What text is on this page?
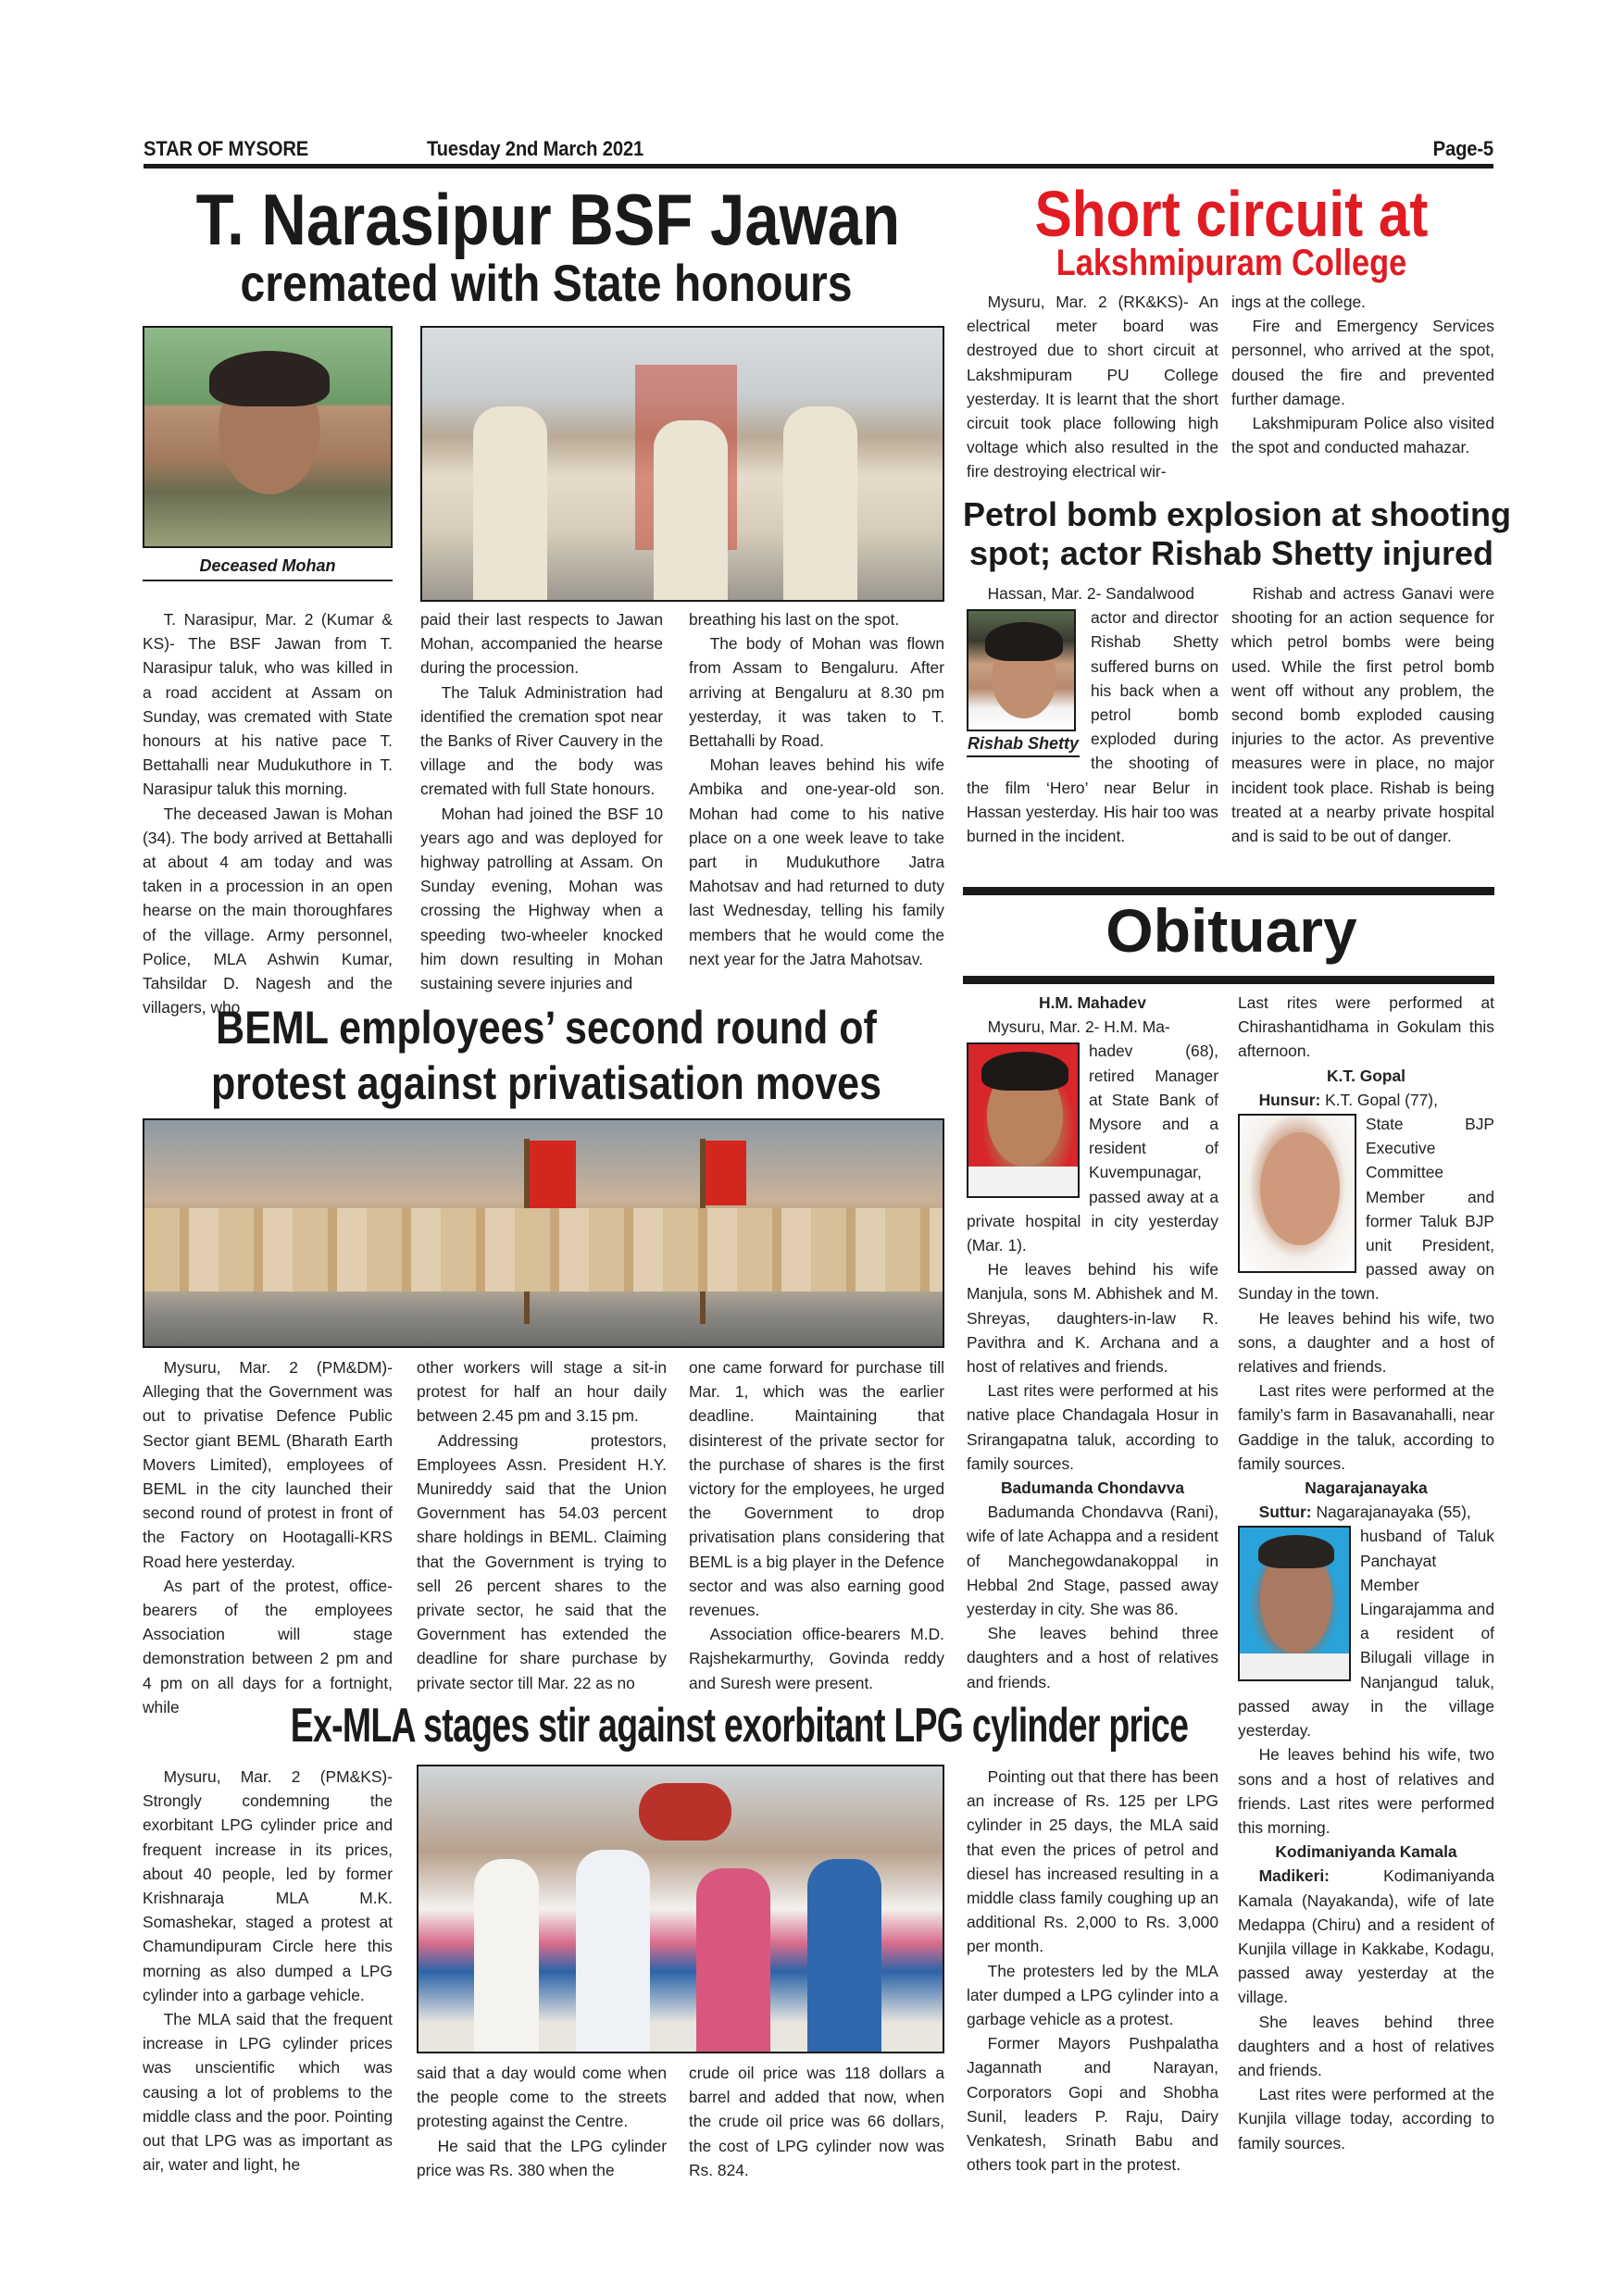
STAR OF MYSORE	Tuesday 2nd March 2021	Page-5
T. Narasipur BSF Jawan
cremated with State honours
Deceased Mohan

T. Narasipur, Mar. 2 (Kumar & KS)- The BSF Jawan from T. Narasipur taluk, who was killed in a road accident at Assam on Sunday, was cremated with State honours at his native pace T. Bettahalli near Mudukuthore in T. Narasipur taluk this morning.

The deceased Jawan is Mohan (34). The body arrived at Bettahalli at about 4 am today and was taken in a procession in an open hearse on the main thoroughfares of the village. Army personnel, Police, MLA Ashwin Kumar, Tahsildar D. Nagesh and the villagers, who

paid their last respects to Jawan Mohan, accompanied the hearse during the procession.

The Taluk Administration had identified the cremation spot near the Banks of River Cauvery in the village and the body was cremated with full State honours.

Mohan had joined the BSF 10 years ago and was deployed for highway patrolling at Assam. On Sunday evening, Mohan was crossing the Highway when a speeding two-wheeler knocked him down resulting in Mohan sustaining severe injuries and

breathing his last on the spot.

The body of Mohan was flown from Assam to Bengaluru. After arriving at Bengaluru at 8.30 pm yesterday, it was taken to T. Bettahalli by Road.

Mohan leaves behind his wife Ambika and one-year-old son. Mohan had come to his native place on a one week leave to take part in Mudukuthore Jatra Mahotsav and had returned to duty last Wednesday, telling his family members that he would come the next year for the Jatra Mahotsav.

Short circuit at
Lakshmipuram College

Mysuru, Mar. 2 (RK&KS)- An electrical meter board was destroyed due to short circuit at Lakshmipuram PU College yesterday. It is learnt that the short circuit took place following high voltage which also resulted in the fire destroying electrical wir-

ings at the college.

Fire and Emergency Services personnel, who arrived at the spot, doused the fire and prevented further damage.

Lakshmipuram Police also visited the spot and conducted mahazar.

Petrol bomb explosion at shooting
spot; actor Rishab Shetty injured

Hassan, Mar. 2- Sandalwood

Rishab Shetty

actor and director Rishab Shetty suffered burns on his back when a petrol bomb exploded during the shooting of the film ‘Hero’ near Belur in Hassan yesterday. His hair too was burned in the incident.

Rishab and actress Ganavi were shooting for an action sequence for which petrol bombs were being used. While the first petrol bomb went off without any problem, the second bomb exploded causing injuries to the actor. As preventive measures were in place, no major incident took place. Rishab is being treated at a nearby private hospital and is said to be out of danger.

Obituary

H.M. Mahadev

Mysuru, Mar. 2- H.M. Ma-

hadev (68), retired Manager at State Bank of Mysore and a resident of Kuvempunagar, passed away at a private hospital in city yesterday (Mar. 1).

He leaves behind his wife Manjula, sons M. Abhishek and M. Shreyas, daughters-in-law R. Pavithra and K. Archana and a host of relatives and friends.

Last rites were performed at his native place Chandagala Hosur in Srirangapatna taluk, according to family sources.

Badumanda Chondavva

Badumanda Chondavva (Rani), wife of late Achappa and a resident of Manchegowdanakoppal in Hebbal 2nd Stage, passed away yesterday in city. She was 86.

She leaves behind three daughters and a host of relatives and friends.

Last rites were performed at Chirashantidhama in Gokulam this afternoon.

K.T. Gopal

Hunsur: K.T. Gopal (77),

State BJP Executive Committee Member and former Taluk BJP unit President, passed away on Sunday in the town.

He leaves behind his wife, two sons, a daughter and a host of relatives and friends.

Last rites were performed at the family’s farm in Basavanahalli, near Gaddige in the taluk, according to family sources.

Nagarajanayaka

Suttur: Nagarajanayaka (55),

husband of Taluk Panchayat Member Lingarajamma and a resident of Bilugali village in Nanjangud taluk, passed away in the village yesterday.

He leaves behind his wife, two sons and a host of relatives and friends. Last rites were performed this morning.

Kodimaniyanda Kamala

Madikeri:	Kodimaniyanda Kamala (Nayakanda), wife of late Medappa (Chiru) and a resident of Kunjila village in Kakkabe, Kodagu, passed away yesterday at the village.

She leaves behind three daughters and a host of relatives and friends.

Last rites were performed at the Kunjila village today, according to family sources.

BEML employees’ second round of
protest against privatisation moves

Mysuru, Mar. 2 (PM&DM)- Alleging that the Government was out to privatise Defence Public Sector giant BEML (Bharath Earth Movers Limited), employees of BEML in the city launched their second round of protest in front of the Factory on Hootagalli-KRS Road here yesterday.

As part of the protest, office-bearers of the employees Association will stage demonstration between 2 pm and 4 pm on all days for a fortnight, while

other workers will stage a sit-in protest for half an hour daily between 2.45 pm and 3.15 pm.

Addressing protestors, Employees Assn. President H.Y. Munireddy said that the Union Government has 54.03 percent share holdings in BEML. Claiming that the Government is trying to sell 26 percent shares to the private sector, he said that the Government has extended the deadline for share purchase by private sector till Mar. 22 as no

one came forward for purchase till Mar. 1, which was the earlier deadline. Maintaining that disinterest of the private sector for the purchase of shares is the first victory for the employees, he urged the Government to drop privatisation plans considering that BEML is a big player in the Defence sector and was also earning good revenues.

Association office-bearers M.D. Rajshekarmurthy, Govinda reddy and Suresh were present.

Ex-MLA stages stir against exorbitant LPG cylinder price

Mysuru, Mar. 2 (PM&KS)- Strongly condemning the exorbitant LPG cylinder price and frequent increase in its prices, about 40 people, led by former Krishnaraja MLA M.K. Somashekar, staged a protest at Chamundipuram Circle here this morning as also dumped a LPG cylinder into a garbage vehicle.

The MLA said that the frequent increase in LPG cylinder prices was unscientific which was causing a lot of problems to the middle class and the poor. Pointing out that LPG was as important as air, water and light, he

said that a day would come when the people come to the streets protesting against the Centre.

He said that the LPG cylinder price was Rs. 380 when the

crude oil price was 118 dollars a barrel and added that now, when the crude oil price was 66 dollars, the cost of LPG cylinder now was Rs. 824.

Pointing out that there has been an increase of Rs. 125 per LPG cylinder in 25 days, the MLA said that even the prices of petrol and diesel has increased resulting in a middle class family coughing up an additional Rs. 2,000 to Rs. 3,000 per month.

The protesters led by the MLA later dumped a LPG cylinder into a garbage vehicle as a protest.

Former Mayors Pushpalatha Jagannath and Narayan, Corporators Gopi and Shobha Sunil, leaders P. Raju, Dairy Venkatesh, Srinath Babu and others took part in the protest.
